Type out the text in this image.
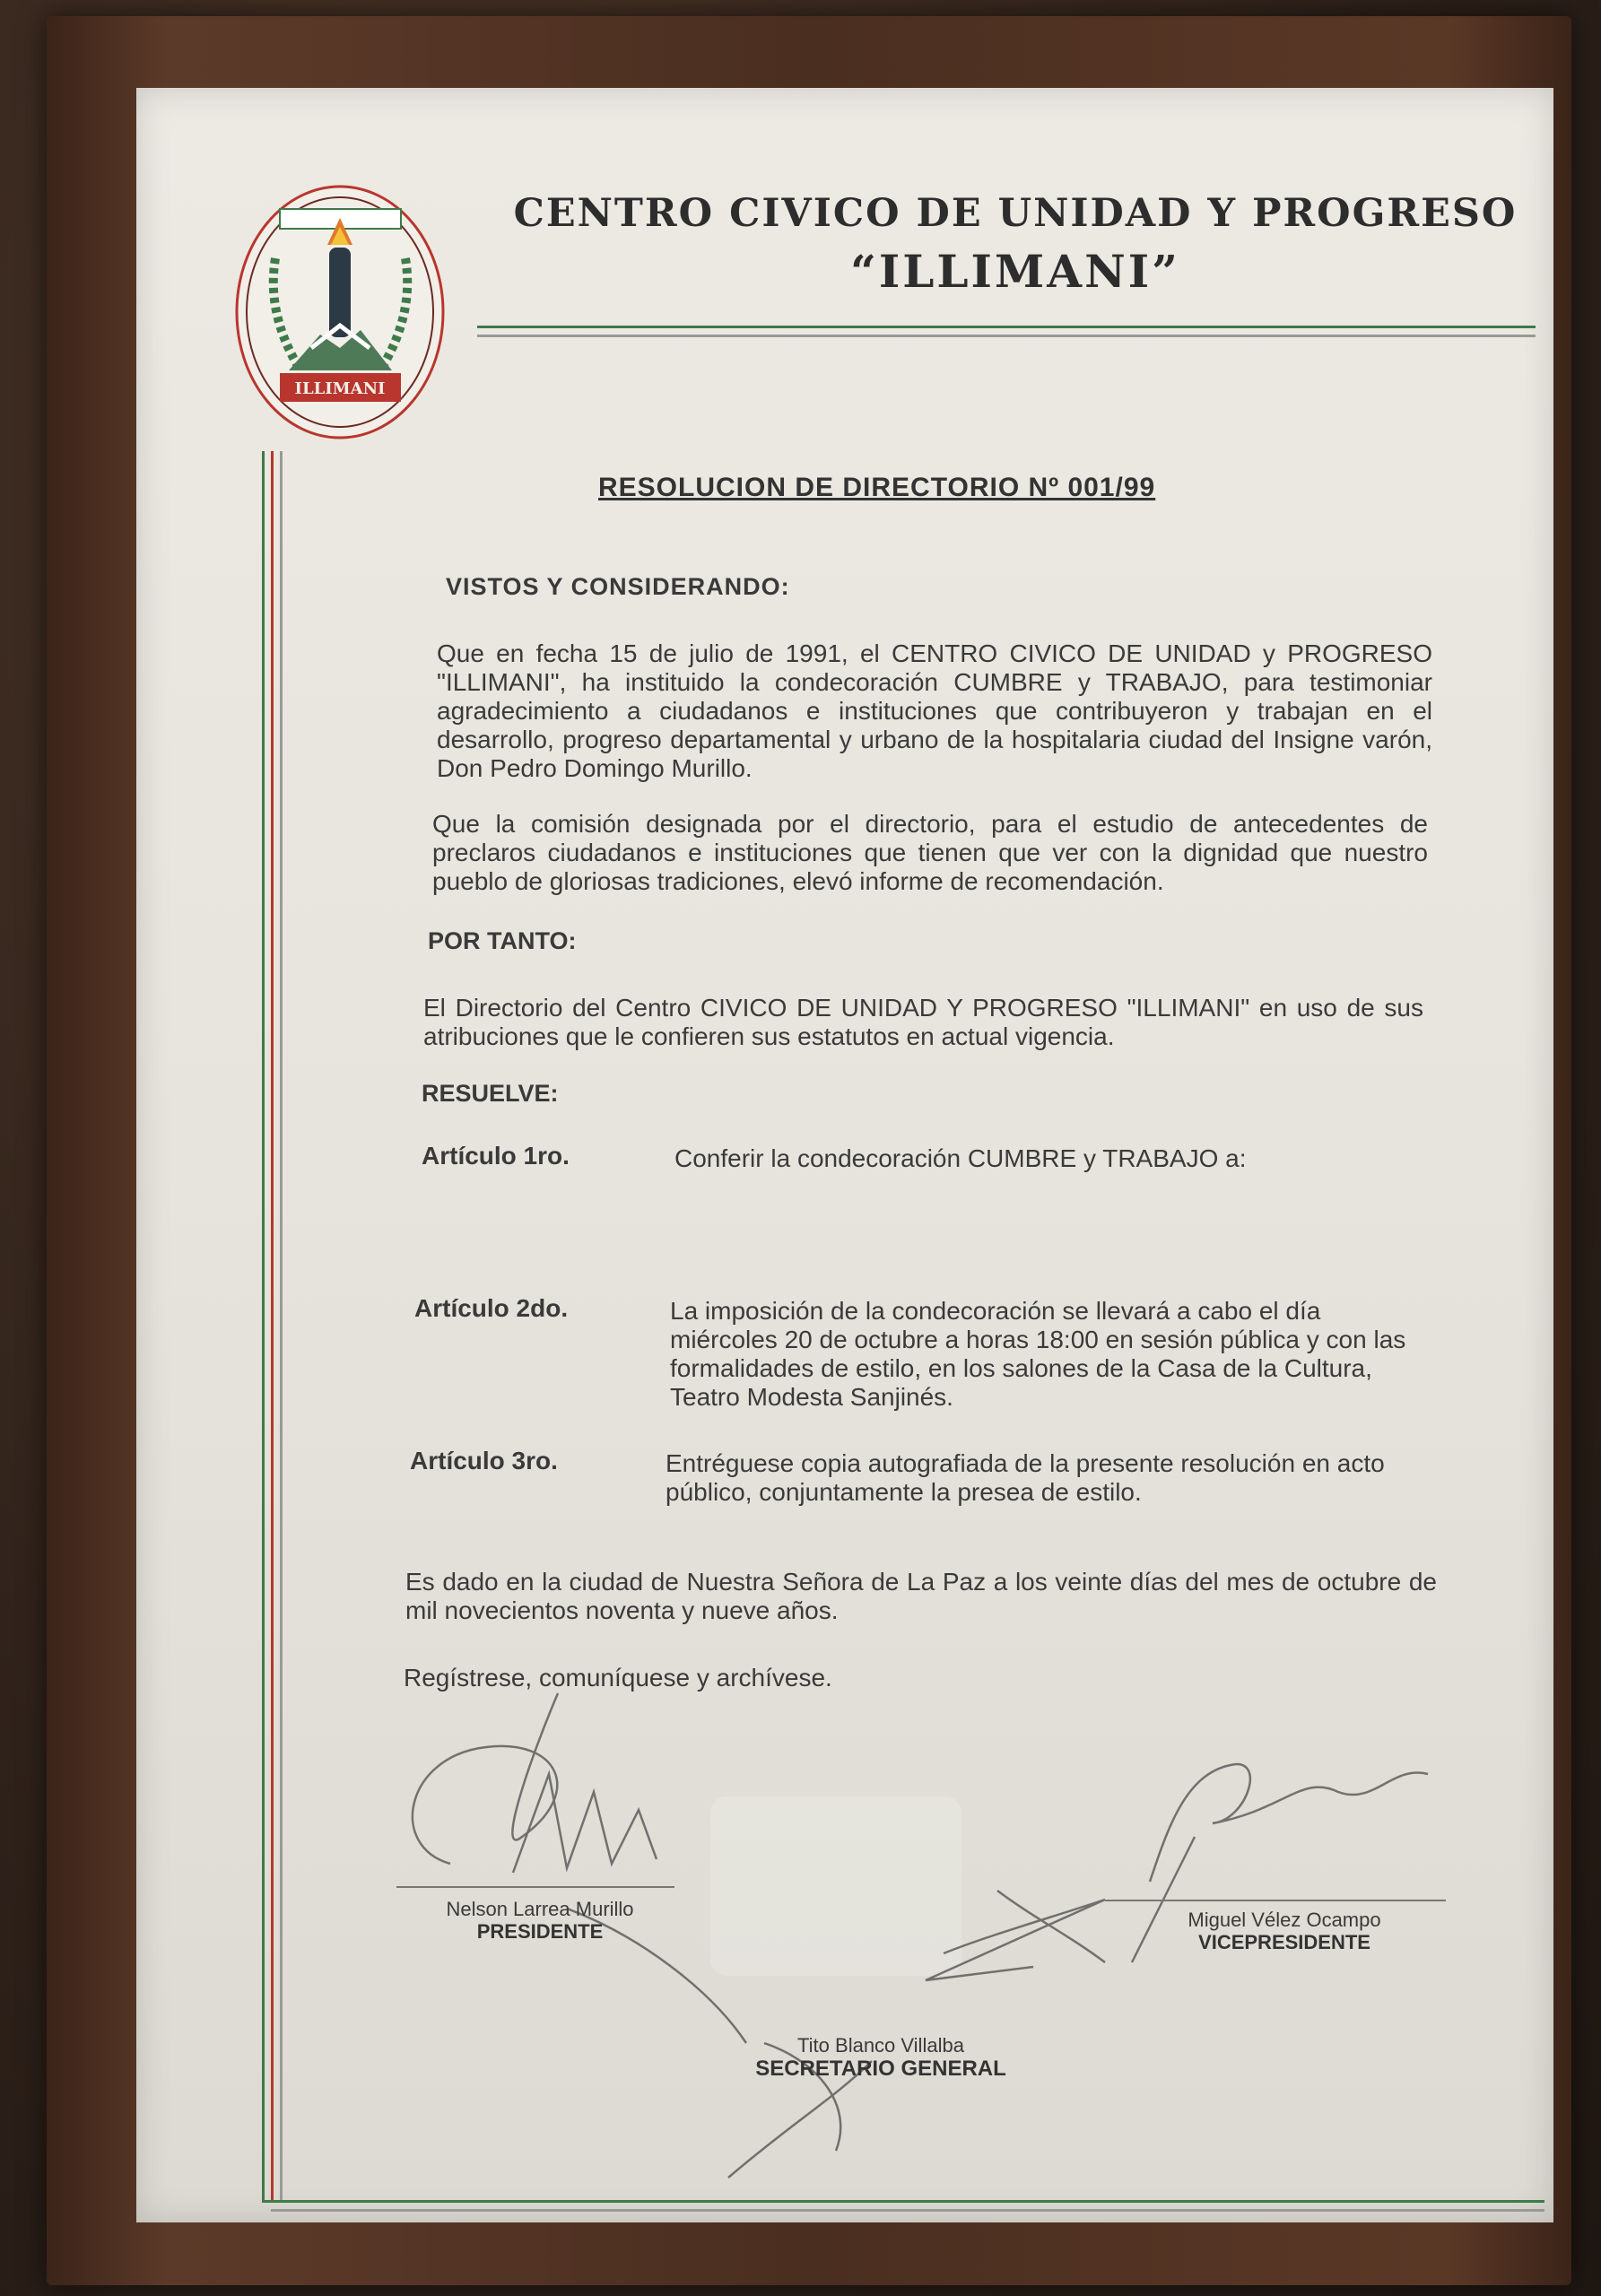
ILLIMANI
CENTRO CIVICO DE UNIDAD Y PROGRESO
“ILLIMANI”
RESOLUCION DE DIRECTORIO Nº 001/99
VISTOS Y CONSIDERANDO:
Que en fecha 15 de julio de 1991, el CENTRO CIVICO DE UNIDAD y PROGRESO "ILLIMANI", ha instituido la condecoración CUMBRE y TRABAJO, para testimoniar agradecimiento a ciudadanos e instituciones que contribuyeron y trabajan en el desarrollo, progreso departamental y urbano de la hospitalaria ciudad del Insigne varón, Don Pedro Domingo Murillo.
Que la comisión designada por el directorio, para el estudio de antecedentes de preclaros ciudadanos e instituciones que tienen que ver con la dignidad que nuestro pueblo de gloriosas tradiciones, elevó informe de recomendación.
POR TANTO:
El Directorio del Centro CIVICO DE UNIDAD Y PROGRESO "ILLIMANI" en uso de sus atribuciones que le confieren sus estatutos en actual vigencia.
RESUELVE:
Artículo 1ro.	Conferir la condecoración CUMBRE y TRABAJO a:
Artículo 2do.	La imposición de la condecoración se llevará a cabo el día miércoles 20 de octubre a horas 18:00 en sesión pública y con las formalidades de estilo, en los salones de la Casa de la Cultura, Teatro Modesta Sanjinés.
Artículo 3ro.	Entréguese copia autografiada de la presente resolución en acto público, conjuntamente la presea de estilo.
Es dado en la ciudad de Nuestra Señora de La Paz a los veinte días del mes de octubre de mil novecientos noventa y nueve años.
Regístrese, comuníquese y archívese.
Nelson Larrea Murillo
PRESIDENTE
Miguel Vélez Ocampo
VICEPRESIDENTE
Tito Blanco Villalba
SECRETARIO GENERAL
